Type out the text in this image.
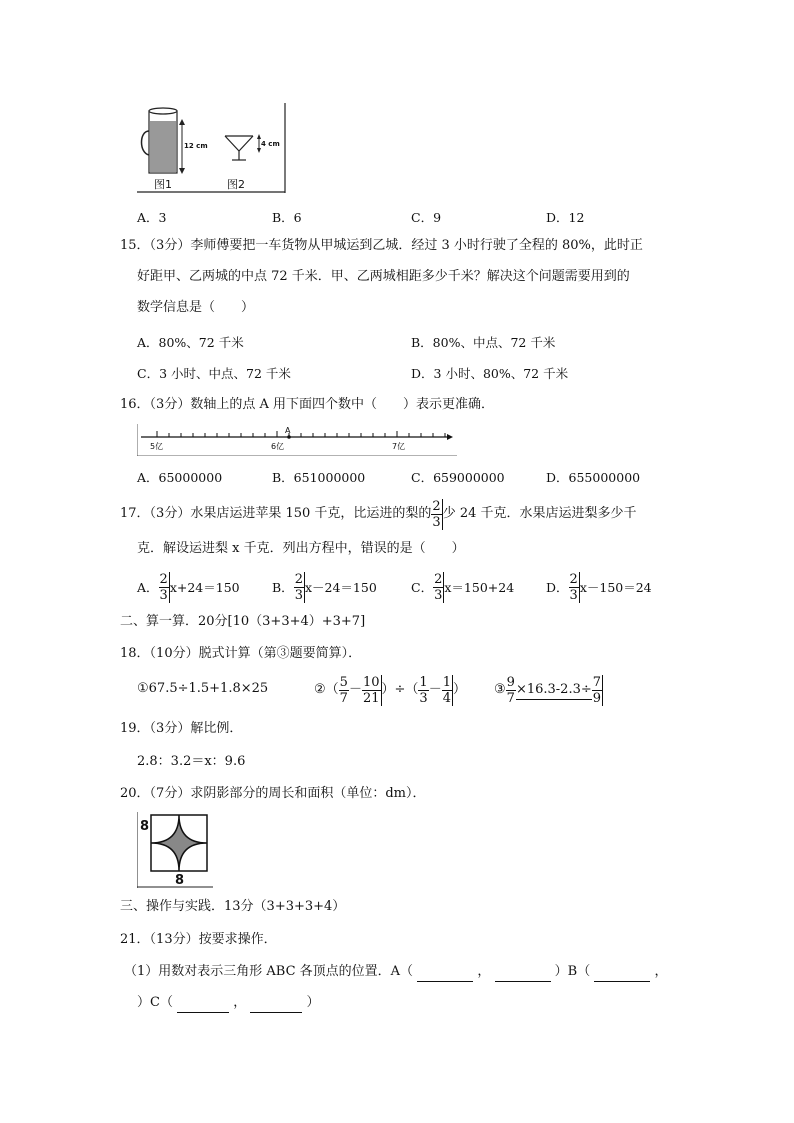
12 cm	4 cm
图1	图2
A．3	B．6	C．9	D．12
15．（3分）李师傅要把一车货物从甲城运到乙城．经过 3 小时行驶了全程的 80%，此时正
好距甲、乙两城的中点 72 千米．甲、乙两城相距多少千米？解决这个问题需要用到的
数学信息是（　　）
A．80%、72 千米	B．80%、中点、72 千米
C．3 小时、中点、72 千米	D．3 小时、80%、72 千米
16．（3分）数轴上的点 A 用下面四个数中（　　）表示更准确．
A
5亿	6亿	7亿
A．65000000	B．651000000	C．659000000	D．655000000
17．（3分）水果店运进苹果 150 千克，比运进的梨的 $\frac{2}{3}$ 少 24 千克．水果店运进梨多少千
克．解设运进梨 x 千克．列出方程中，错误的是（　　）
A． $\frac{2}{3} x+24=150$	B． $\frac{2}{3} x-24=150$	C． $\frac{2}{3} x=150+24$	D． $\frac{2}{3} x-150=24$
二、算一算．20分[10（3+3+4）+3+7]
18．（10分）脱式计算（第③题要简算）．
①67.5÷1.5+1.8×25	②（ $\frac{5}{7} - \frac{10}{21}$ ）÷（ $\frac{1}{3} - \frac{1}{4}$ ） ③ $\frac{9}{7} \times 16.3-2.3\div \frac{7}{9}$
19．（3分）解比例．
2.8：3.2＝x：9.6
20．（7分）求阴影部分的周长和面积（单位：dm）．
8
8
三、操作与实践．13分（3+3+3+4）
21．（13分）按要求操作．
（1）用数对表示三角形 ABC 各顶点的位置．A（	，	）B（	，
）C（	，	）
